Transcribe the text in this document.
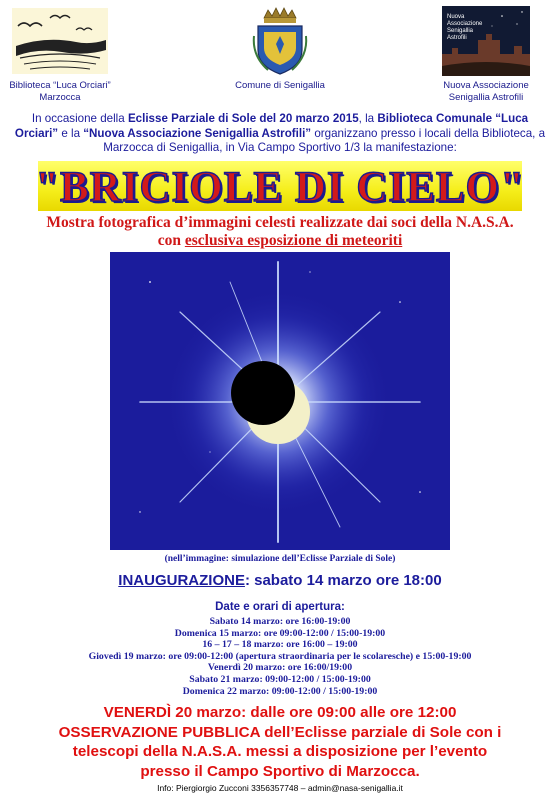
Biblioteca “Luca Orciari”
Marzocca
Comune di Senigallia
Nuova
Associazione
Senigallia
Astrofili
Nuova Associazione
Senigallia Astrofili
In occasione della Eclisse Parziale di Sole del 20 marzo 2015, la Biblioteca Comunale “Luca Orciari” e la “Nuova Associazione Senigallia Astrofili” organizzano presso i locali della Biblioteca, a Marzocca di Senigallia, in Via Campo Sportivo 1/3 la manifestazione:
"BRICIOLE DI CIELO"
Mostra fotografica d’immagini celesti realizzate dai soci della N.A.S.A.
con esclusiva esposizione di meteoriti
(nell’immagine: simulazione dell’Eclisse Parziale di Sole)
INAUGURAZIONE: sabato 14 marzo ore 18:00
Date e orari di apertura:
Sabato 14 marzo: ore 16:00-19:00
Domenica 15 marzo: ore 09:00-12:00 / 15:00-19:00
16 – 17 – 18 marzo: ore 16:00 – 19:00
Giovedì 19 marzo: ore 09:00-12:00 (apertura straordinaria per le scolaresche) e 15:00-19:00
Venerdì 20 marzo: ore 16:00/19:00
Sabato 21 marzo: 09:00-12:00 / 15:00-19:00
Domenica 22 marzo: 09:00-12:00 / 15:00-19:00
VENERDÌ 20 marzo: dalle ore 09:00 alle ore 12:00
OSSERVAZIONE PUBBLICA dell’Eclisse parziale di Sole con i
telescopi della N.A.S.A. messi a disposizione per l’evento
presso il Campo Sportivo di Marzocca.
Info: Piergiorgio Zucconi 3356357748 – admin@nasa-senigallia.it
